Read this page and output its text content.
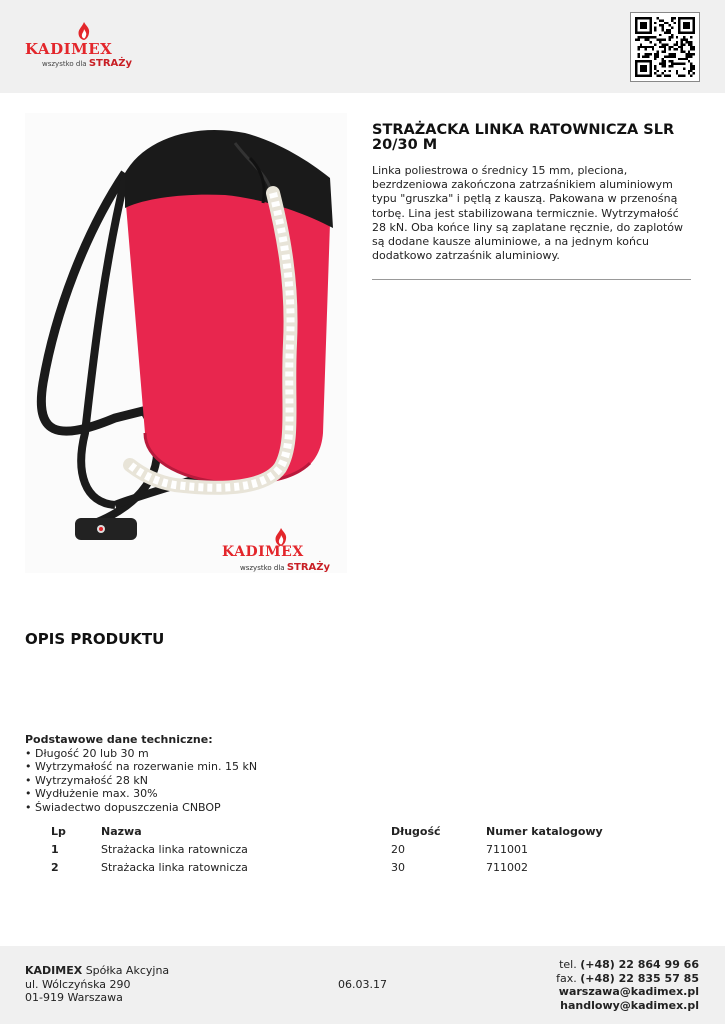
KADIMEX
wszystko dla STRAŻy
KADIMEX
wszystko dla STRAŻy
STRAŻACKA LINKA RATOWNICZA SLR 20/30 M

Linka poliestrowa o średnicy 15 mm, pleciona, bezrdzeniowa zakończona zatrzaśnikiem aluminiowym typu "gruszka" i pętlą z kauszą. Pakowana w przenośną torbę. Lina jest stabilizowana termicznie. Wytrzymałość 28 kN. Oba końce liny są zaplatane ręcznie, do zaplotów są dodane kausze aluminiowe, a na jednym końcu dodatkowo zatrzaśnik aluminiowy.

OPIS PRODUKTU
Podstawowe dane techniczne:
• Długość 20 lub 30 m
• Wytrzymałość na rozerwanie min. 15 kN
• Wytrzymałość 28 kN
• Wydłużenie max. 30%
• Świadectwo dopuszczenia CNBOP
Lp	Nazwa	Długość	Numer katalogowy
1	Strażacka linka ratownicza	20	711001
2	Strażacka linka ratownicza	30	711002
KADIMEX Spółka Akcyjna
ul. Wólczyńska 290
01-919 Warszawa
06.03.17
tel. (+48) 22 864 99 66
fax. (+48) 22 835 57 85
warszawa@kadimex.pl
handlowy@kadimex.pl
